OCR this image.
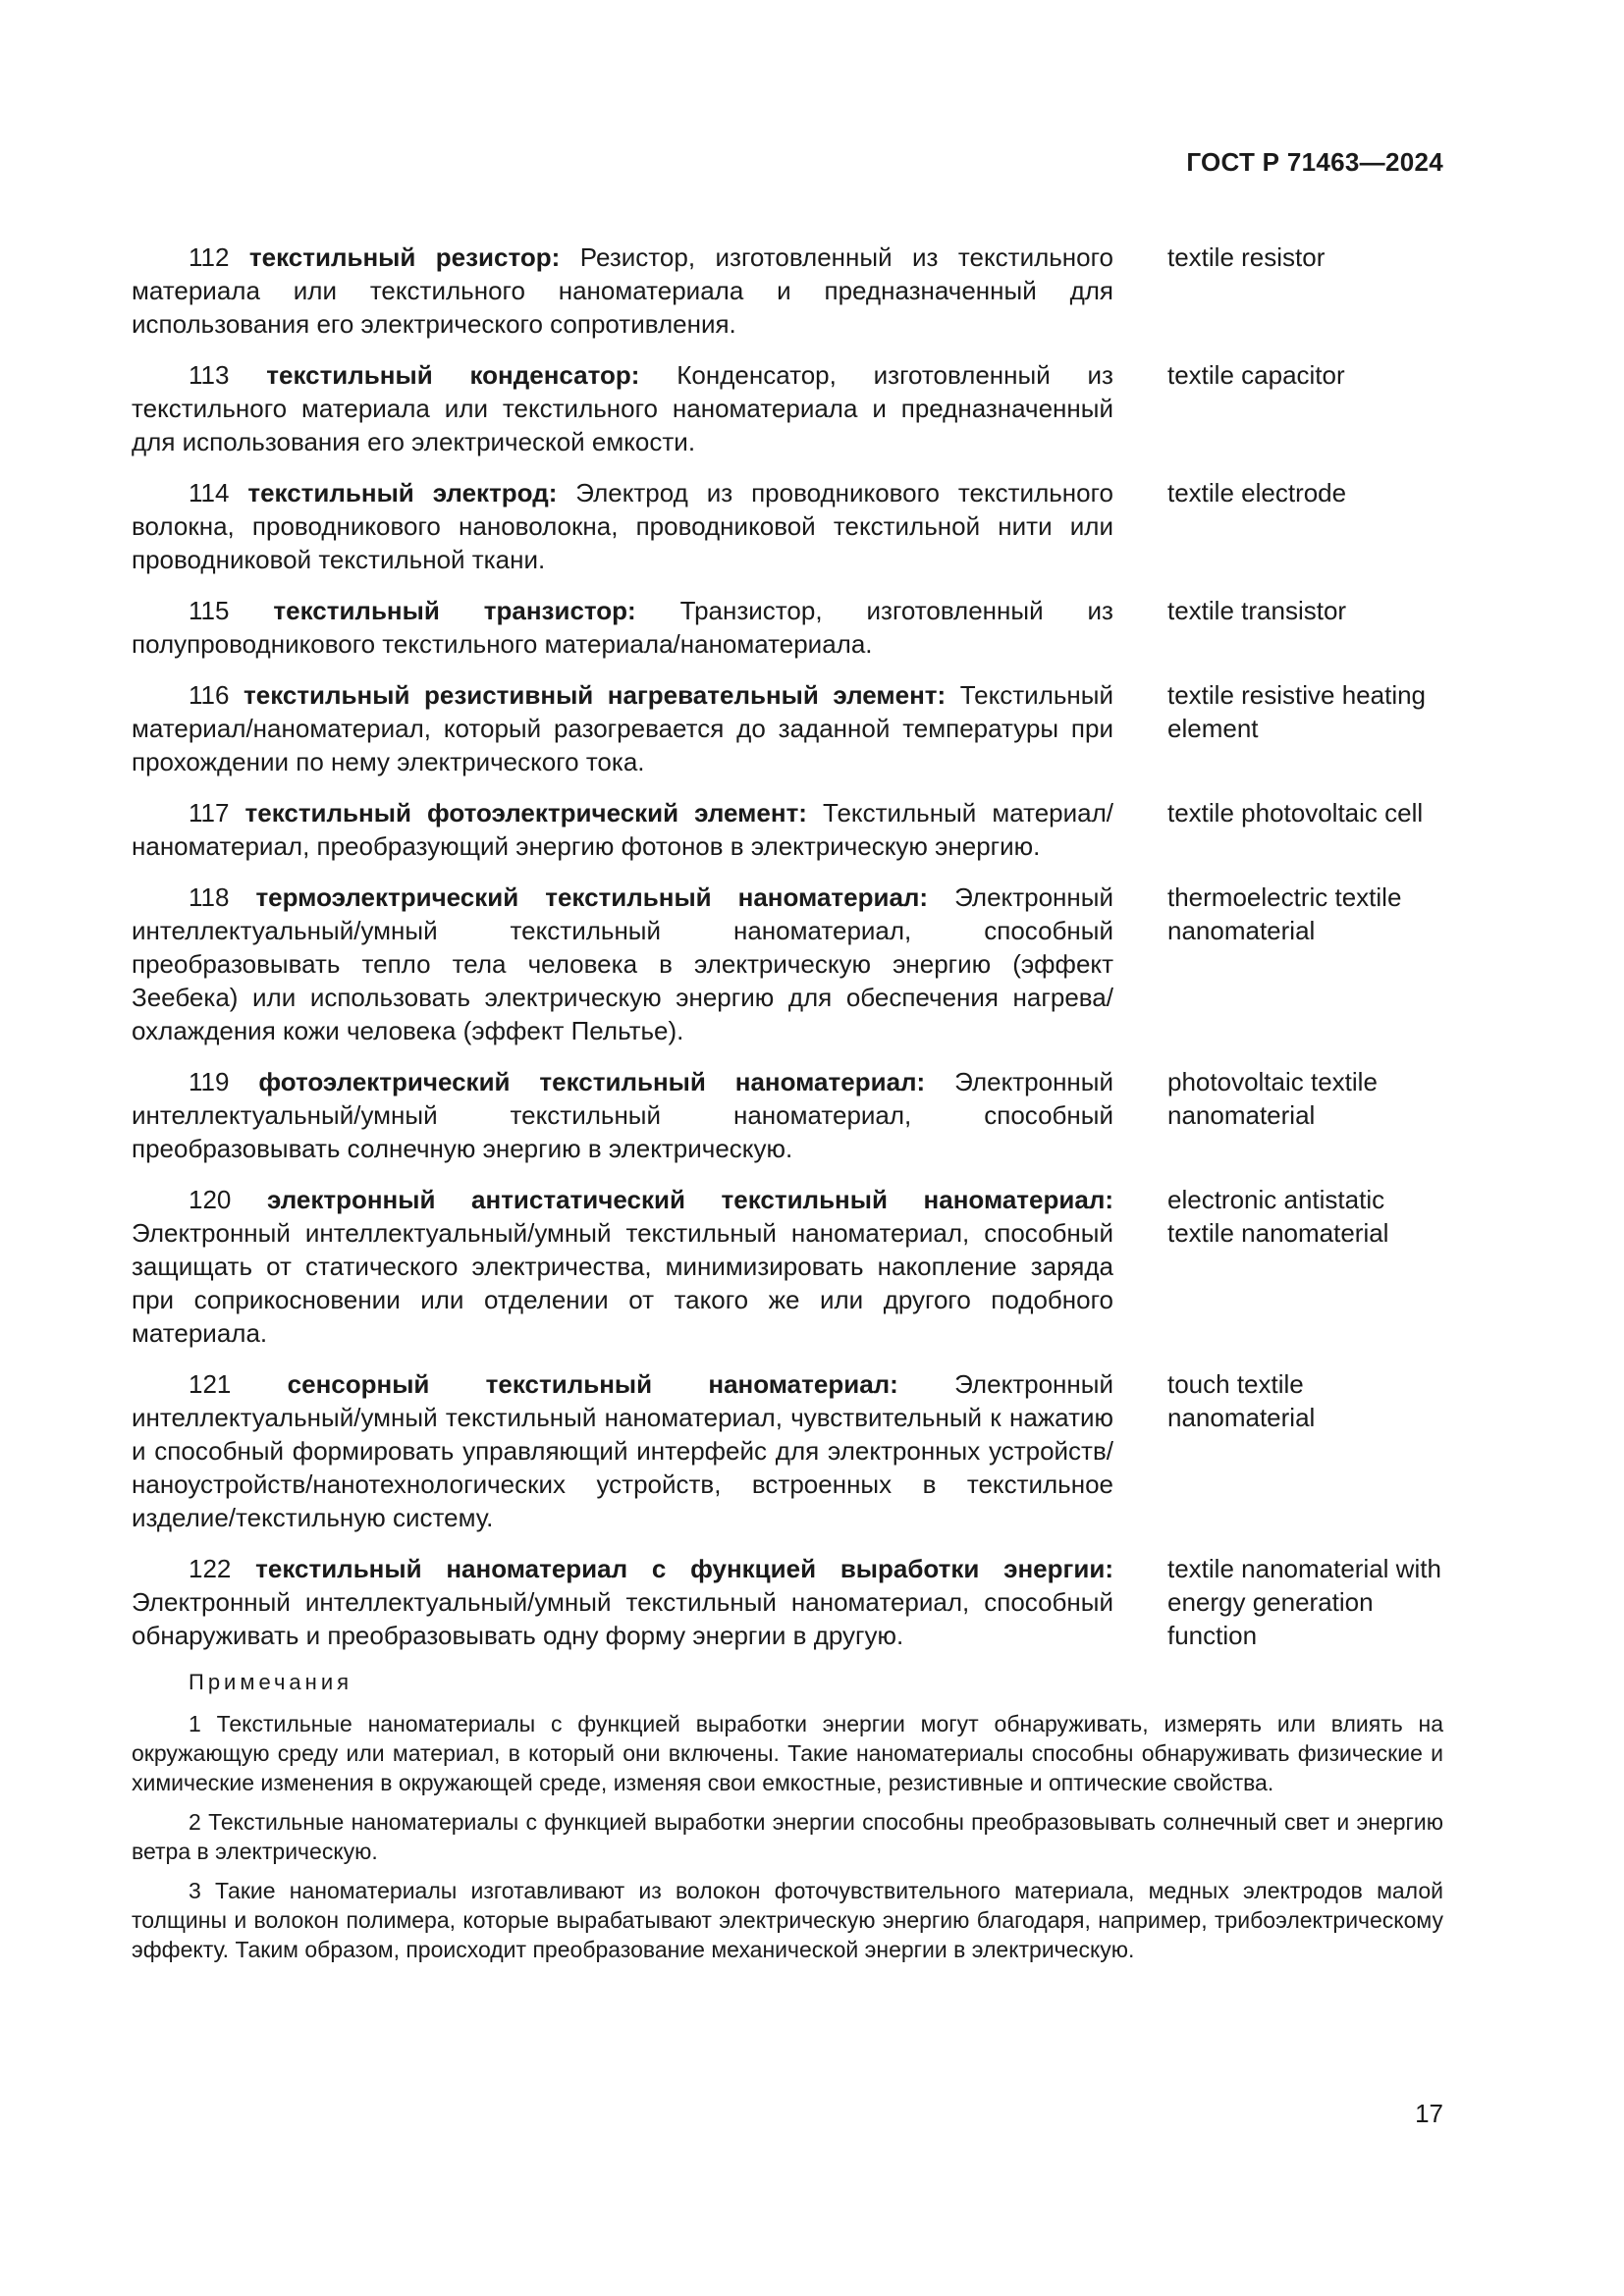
ГОСТ Р 71463—2024
112 текстильный резистор: Резистор, изготовленный из текстильного материала или текстильного наноматериала и предназначенный для использования его электрического сопротивления.
textile resistor
113 текстильный конденсатор: Конденсатор, изготовленный из текстильного материала или текстильного наноматериала и предназначенный для использования его электрической емкости.
textile capacitor
114 текстильный электрод: Электрод из проводникового текстильного волокна, проводникового нановолокна, проводниковой текстильной нити или проводниковой текстильной ткани.
textile electrode
115 текстильный транзистор: Транзистор, изготовленный из полупроводникового текстильного материала/наноматериала.
textile transistor
116 текстильный резистивный нагревательный элемент: Текстильный материал/наноматериал, который разогревается до заданной температуры при прохождении по нему электрического тока.
textile resistive heating element
117 текстильный фотоэлектрический элемент: Текстильный материал/наноматериал, преобразующий энергию фотонов в электрическую энергию.
textile photovoltaic cell
118 термоэлектрический текстильный наноматериал: Электронный интеллектуальный/умный текстильный наноматериал, способный преобразовывать тепло тела человека в электрическую энергию (эффект Зеебека) или использовать электрическую энергию для обеспечения нагрева/охлаждения кожи человека (эффект Пельтье).
thermoelectric textile nanomaterial
119 фотоэлектрический текстильный наноматериал: Электронный интеллектуальный/умный текстильный наноматериал, способный преобразовывать солнечную энергию в электрическую.
photovoltaic textile nanomaterial
120 электронный антистатический текстильный наноматериал: Электронный интеллектуальный/умный текстильный наноматериал, способный защищать от статического электричества, минимизировать накопление заряда при соприкосновении или отделении от такого же или другого подобного материала.
electronic antistatic textile nanomaterial
121 сенсорный текстильный наноматериал: Электронный интеллектуальный/умный текстильный наноматериал, чувствительный к нажатию и способный формировать управляющий интерфейс для электронных устройств/наноустройств/нанотехнологических устройств, встроенных в текстильное изделие/текстильную систему.
touch textile nanomaterial
122 текстильный наноматериал с функцией выработки энергии: Электронный интеллектуальный/умный текстильный наноматериал, способный обнаруживать и преобразовывать одну форму энергии в другую.
textile nanomaterial with energy generation function
Примечания
1 Текстильные наноматериалы с функцией выработки энергии могут обнаруживать, измерять или влиять на окружающую среду или материал, в который они включены. Такие наноматериалы способны обнаруживать физические и химические изменения в окружающей среде, изменяя свои емкостные, резистивные и оптические свойства.
2 Текстильные наноматериалы с функцией выработки энергии способны преобразовывать солнечный свет и энергию ветра в электрическую.
3 Такие наноматериалы изготавливают из волокон фоточувствительного материала, медных электродов малой толщины и волокон полимера, которые вырабатывают электрическую энергию благодаря, например, трибоэлектрическому эффекту. Таким образом, происходит преобразование механической энергии в электрическую.
17
